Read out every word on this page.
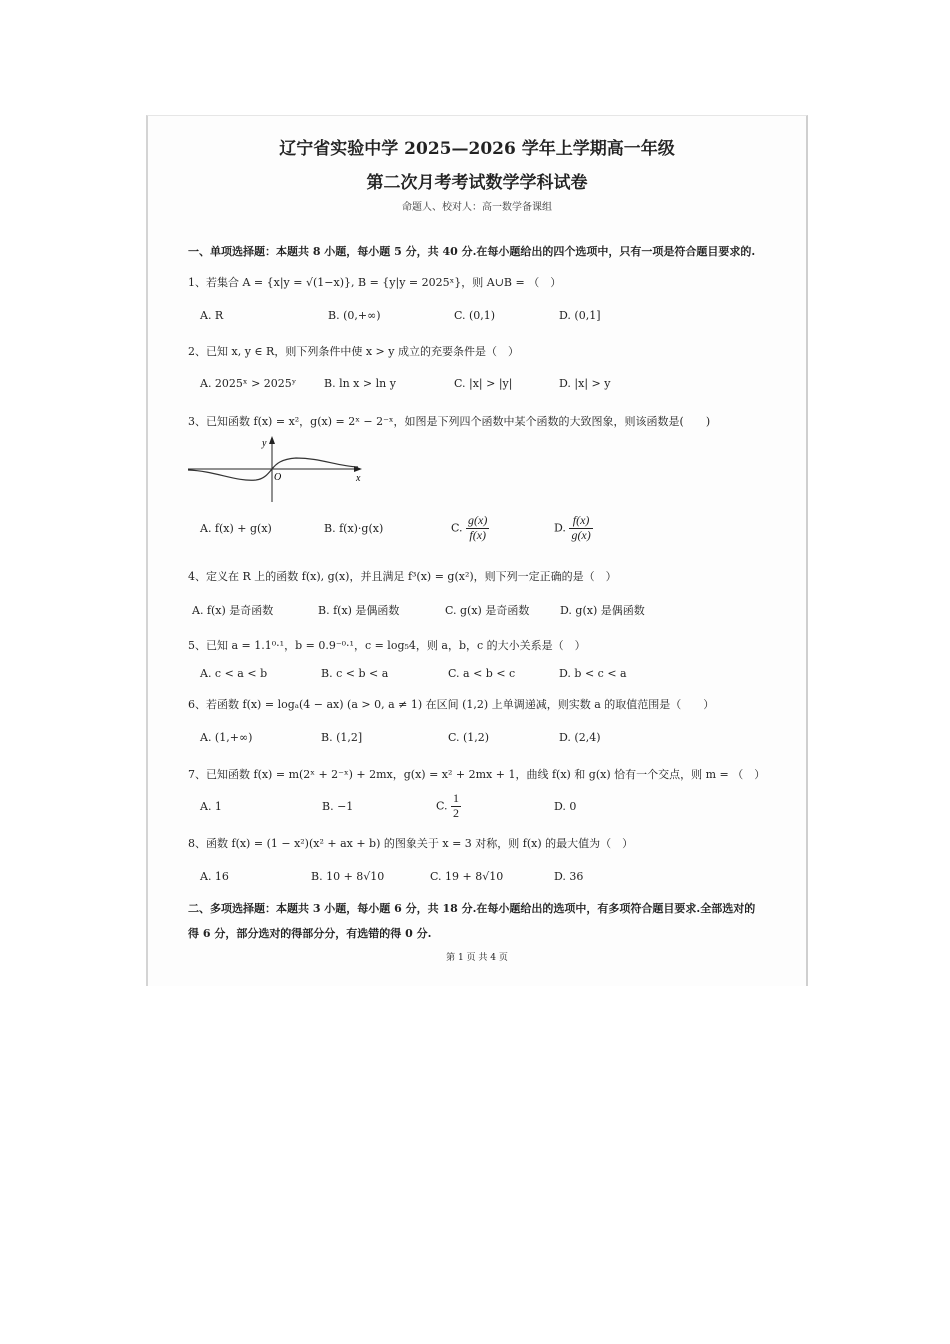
辽宁省实验中学 2025—2026 学年上学期高一年级
第二次月考考试数学学科试卷
命题人、校对人：高一数学备课组
一、单项选择题：本题共 8 小题，每小题 5 分，共 40 分.在每小题给出的四个选项中，只有一项是符合题目要求的.
1、若集合 A = {x|y = √(1−x)}, B = {y|y = 2025ˣ}，则 A∪B = （　）
A. R	B. (0,+∞)	C. (0,1)	D. (0,1]
2、已知 x, y ∈ R，则下列条件中使 x > y 成立的充要条件是（　）
A. 2025ˣ > 2025ʸ	B. ln x > ln y	C. |x| > |y|	D. |x| > y
3、已知函数 f(x) = x²，g(x) = 2ˣ − 2⁻ˣ，如图是下列四个函数中某个函数的大致图象，则该函数是(　　)
y
x
O
A. f(x) + g(x)	B. f(x)·g(x)	C. $\frac{g(x)}{f(x)}$	D. $\frac{f(x)}{g(x)}$
4、定义在 R 上的函数 f(x), g(x)，并且满足 f³(x) = g(x²)，则下列一定正确的是（　）
A. f(x) 是奇函数	B. f(x) 是偶函数	C. g(x) 是奇函数	D. g(x) 是偶函数
5、已知 a = 1.1⁰·¹，b = 0.9⁻⁰·¹，c = log₅4，则 a，b，c 的大小关系是（　）
A. c < a < b	B. c < b < a	C. a < b < c	D. b < c < a
6、若函数 f(x) = logₐ(4 − ax) (a > 0, a ≠ 1) 在区间 (1,2) 上单调递减，则实数 a 的取值范围是（　　）
A. (1,+∞)	B. (1,2]	C. (1,2)	D. (2,4)
7、已知函数 f(x) = m(2ˣ + 2⁻ˣ) + 2mx，g(x) = x² + 2mx + 1，曲线 f(x) 和 g(x) 恰有一个交点，则 m = （　）
A. 1	B. −1	C. $\frac{1}{2}$	D. 0
8、函数 f(x) = (1 − x²)(x² + ax + b) 的图象关于 x = 3 对称，则 f(x) 的最大值为（　）
A. 16	B. 10 + 8√10	C. 19 + 8√10	D. 36
二、多项选择题：本题共 3 小题，每小题 6 分，共 18 分.在每小题给出的选项中，有多项符合题目要求.全部选对的
得 6 分，部分选对的得部分分，有选错的得 0 分.
第 1 页 共 4 页
